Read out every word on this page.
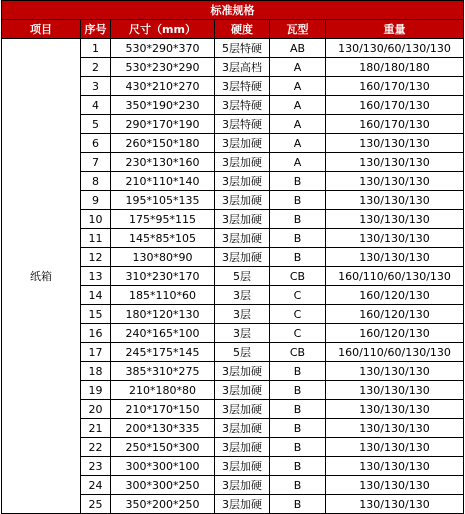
标准规格					
项目	序号	尺寸（mm）	硬度	瓦型	重量
纸箱	1	530*290*370	5层特硬	AB	130/130/60/130/130
	2	530*230*290	3层高档	A	180/180/180
	3	430*210*270	3层特硬	A	160/170/130
	4	350*190*230	3层特硬	A	160/170/130
	5	290*170*190	3层特硬	A	160/170/130
	6	260*150*180	3层加硬	A	130/130/130
	7	230*130*160	3层加硬	A	130/130/130
	8	210*110*140	3层加硬	B	130/130/130
	9	195*105*135	3层加硬	B	130/130/130
	10	175*95*115	3层加硬	B	130/130/130
	11	145*85*105	3层加硬	B	130/130/130
	12	130*80*90	3层加硬	B	130/130/130
	13	310*230*170	5层	CB	160/110/60/130/130
	14	185*110*60	3层	C	160/120/130
	15	180*120*130	3层	C	160/120/130
	16	240*165*100	3层	C	160/120/130
	17	245*175*145	5层	CB	160/110/60/130/130
	18	385*310*275	3层加硬	B	130/130/130
	19	210*180*80	3层加硬	B	130/130/130
	20	210*170*150	3层加硬	B	130/130/130
	21	200*130*335	3层加硬	B	130/130/130
	22	250*150*300	3层加硬	B	130/130/130
	23	300*300*100	3层加硬	B	130/130/130
	24	300*300*250	3层加硬	B	130/130/130
	25	350*200*250	3层加硬	B	130/130/130
